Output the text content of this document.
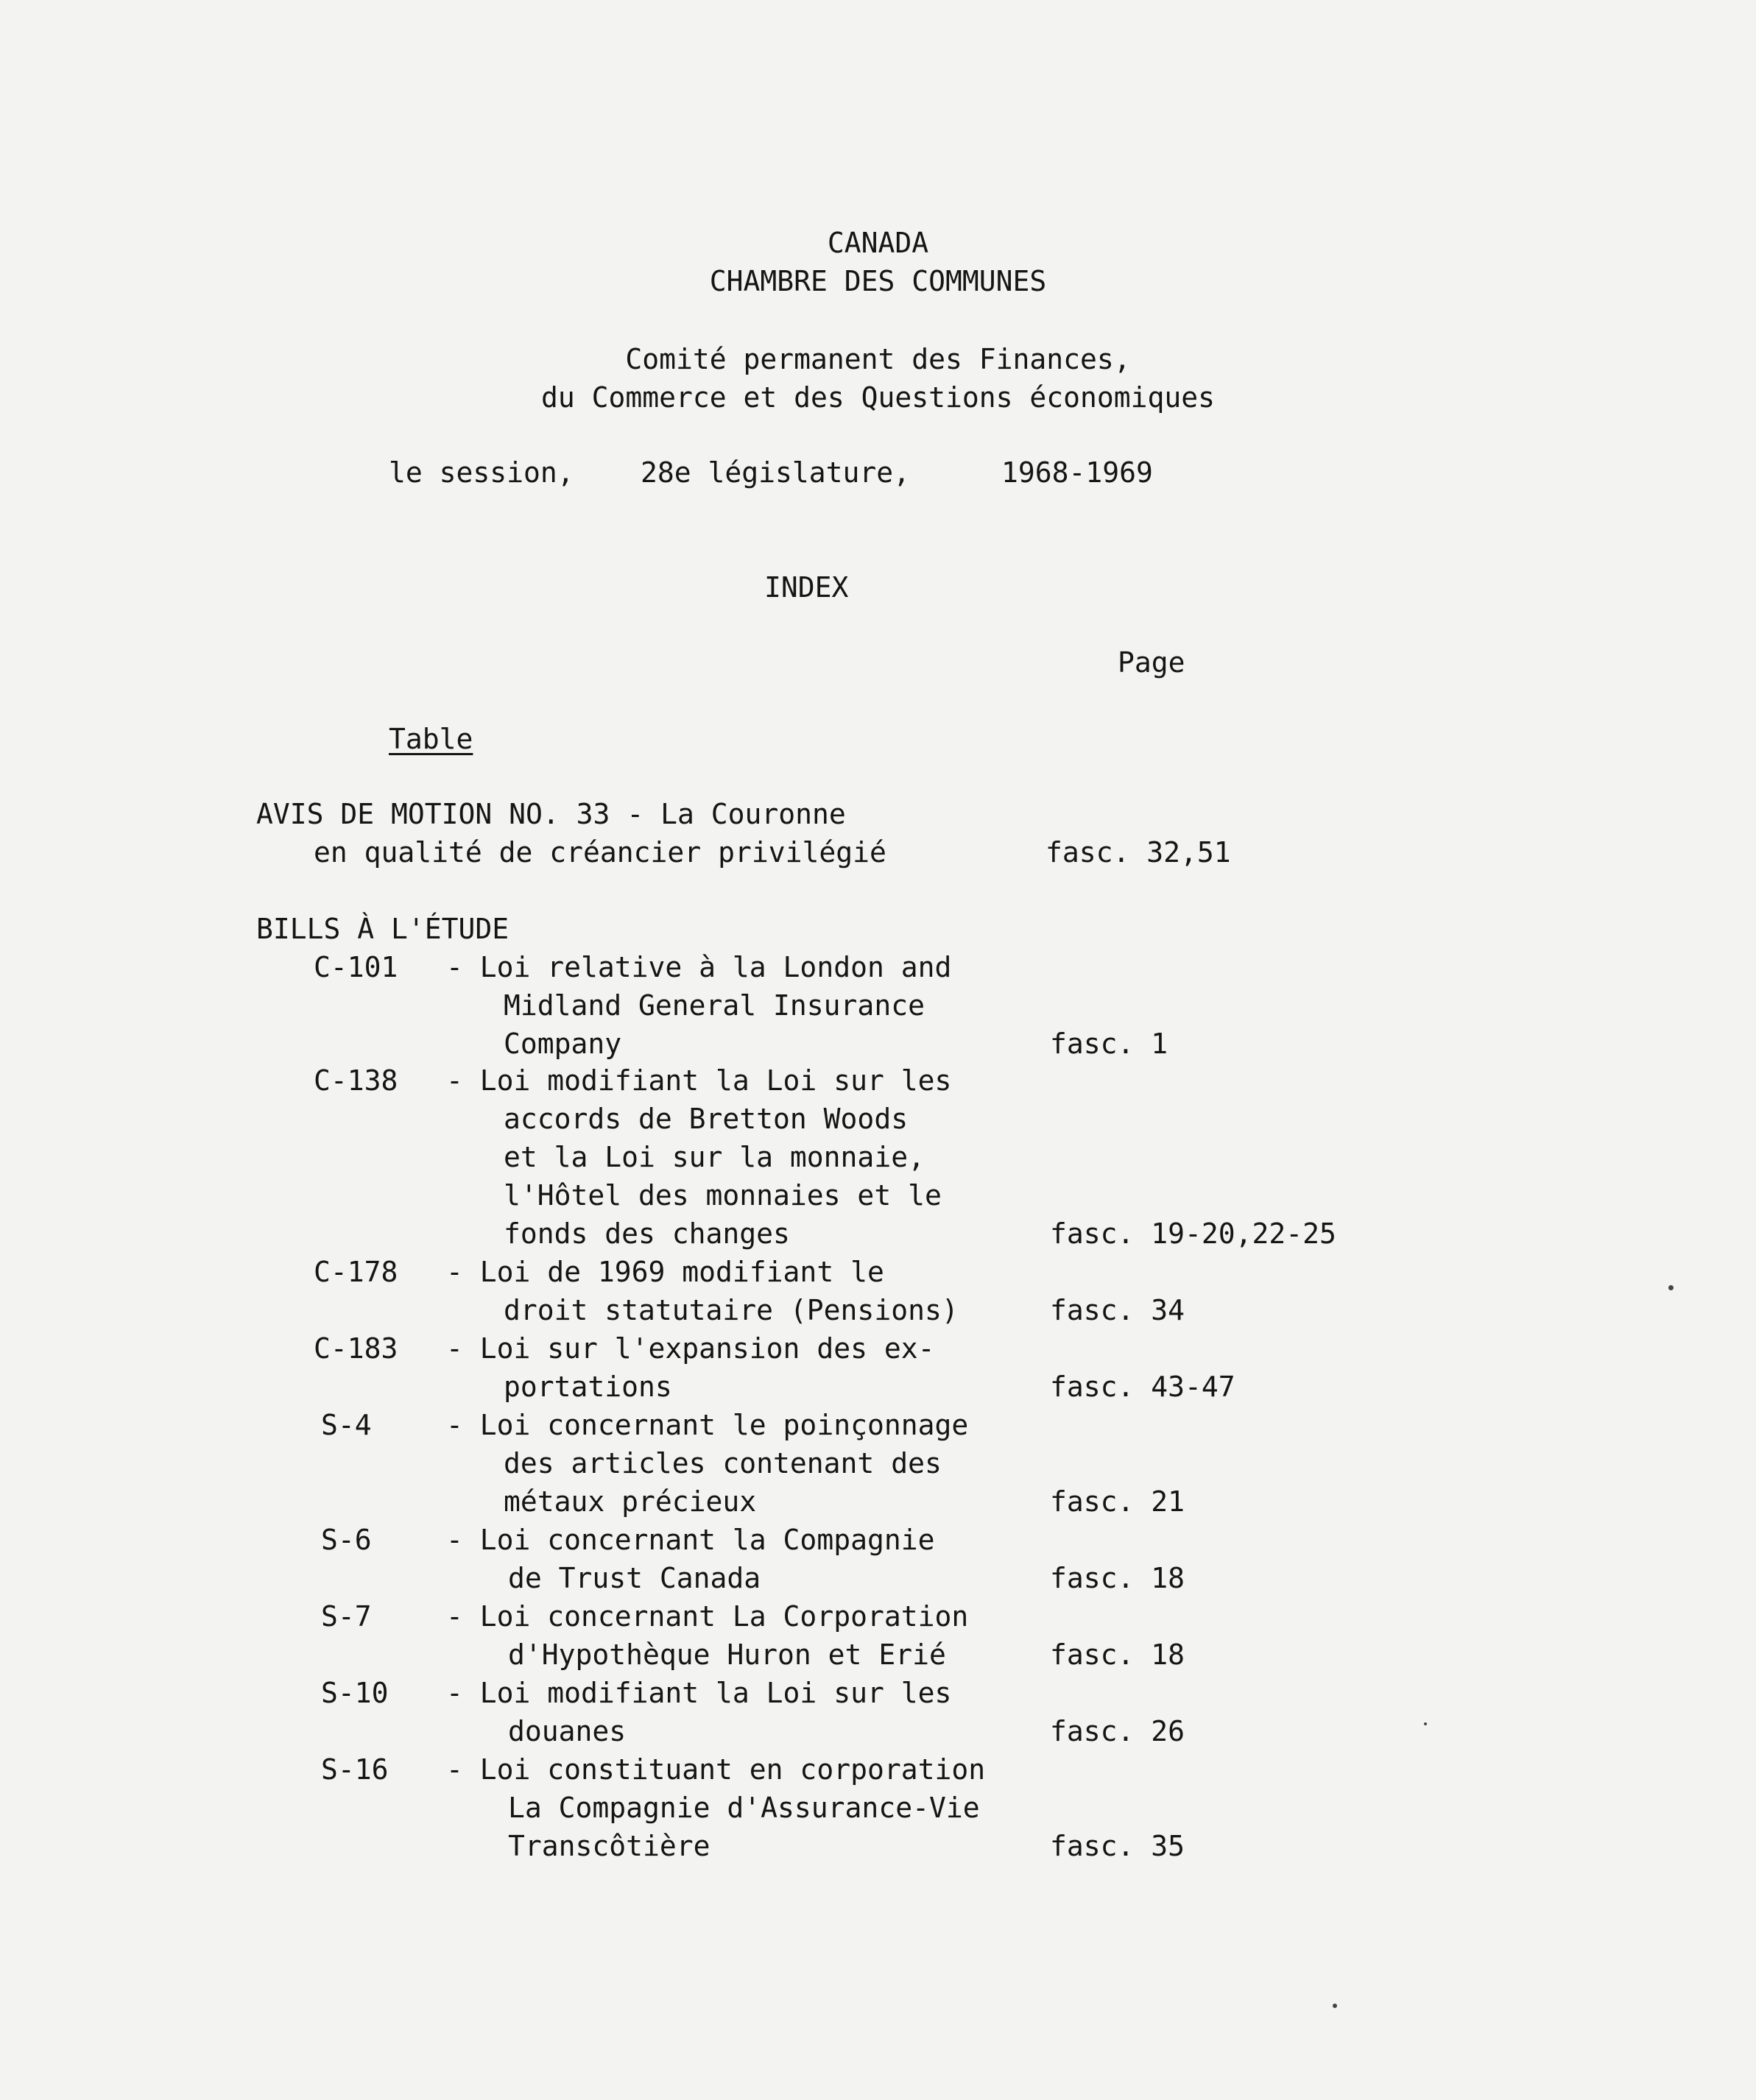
CANADA
CHAMBRE DES COMMUNES
Comité permanent des Finances,
du Commerce et des Questions économiques
le session, 28e législature,	1968-1969
INDEX
Page
Table
AVIS DE MOTION NO. 33 - La Couronne
en qualité de créancier privilégié	fasc. 32,51
BILLS À L'ÉTUDE
C-101 - Loi relative à la London and
Midland General Insurance
Company	fasc. 1
C-138 - Loi modifiant la Loi sur les
accords de Bretton Woods
et la Loi sur la monnaie,
l'Hôtel des monnaies et le
fonds des changes	fasc. 19-20,22-25
C-178 - Loi de 1969 modifiant le
droit statutaire (Pensions)	fasc. 34
C-183 - Loi sur l'expansion des ex-
portations	fasc. 43-47
S-4	- Loi concernant le poinçonnage
des articles contenant des
métaux précieux	fasc. 21
S-6	- Loi concernant la Compagnie
de Trust Canada	fasc. 18
S-7	- Loi concernant La Corporation
d'Hypothèque Huron et Erié	fasc. 18
S-10 - Loi modifiant la Loi sur les
douanes	fasc. 26
S-16 - Loi constituant en corporation
La Compagnie d'Assurance-Vie
Transcôtière	fasc. 35
